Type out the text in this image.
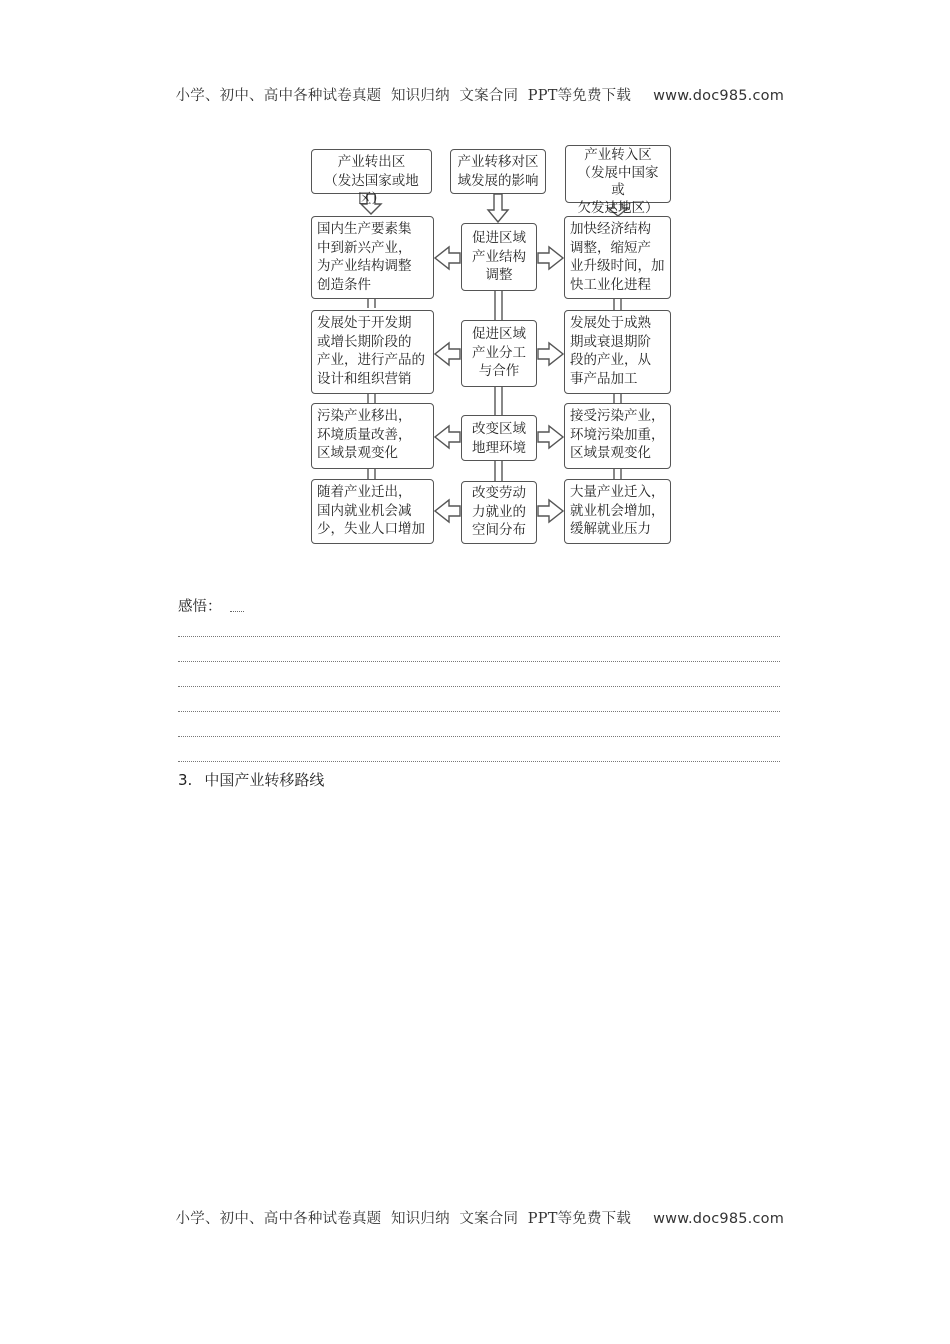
小学、初中、高中各种试卷真题  知识归纳  文案合同  PPT等免费下载 www.doc985.com

产业转出区
（发达国家或地区）
产业转移对区
域发展的影响
产业转入区
（发展中国家或
欠发达地区）
国内生产要素集
中到新兴产业，
为产业结构调整
创造条件
促进区域
产业结构
调整
加快经济结构
调整，缩短产
业升级时间，加
快工业化进程
发展处于开发期
或增长期阶段的
产业，进行产品的
设计和组织营销
促进区域
产业分工
与合作
发展处于成熟
期或衰退期阶
段的产业，从
事产品加工
污染产业移出，
环境质量改善，
区域景观变化
改变区域
地理环境
接受污染产业，
环境污染加重，
区域景观变化
随着产业迁出，
国内就业机会减
少，失业人口增加
改变劳动
力就业的
空间分布
大量产业迁入，
就业机会增加，
缓解就业压力
感悟：
3. 中国产业转移路线

小学、初中、高中各种试卷真题  知识归纳  文案合同  PPT等免费下载 www.doc985.com
